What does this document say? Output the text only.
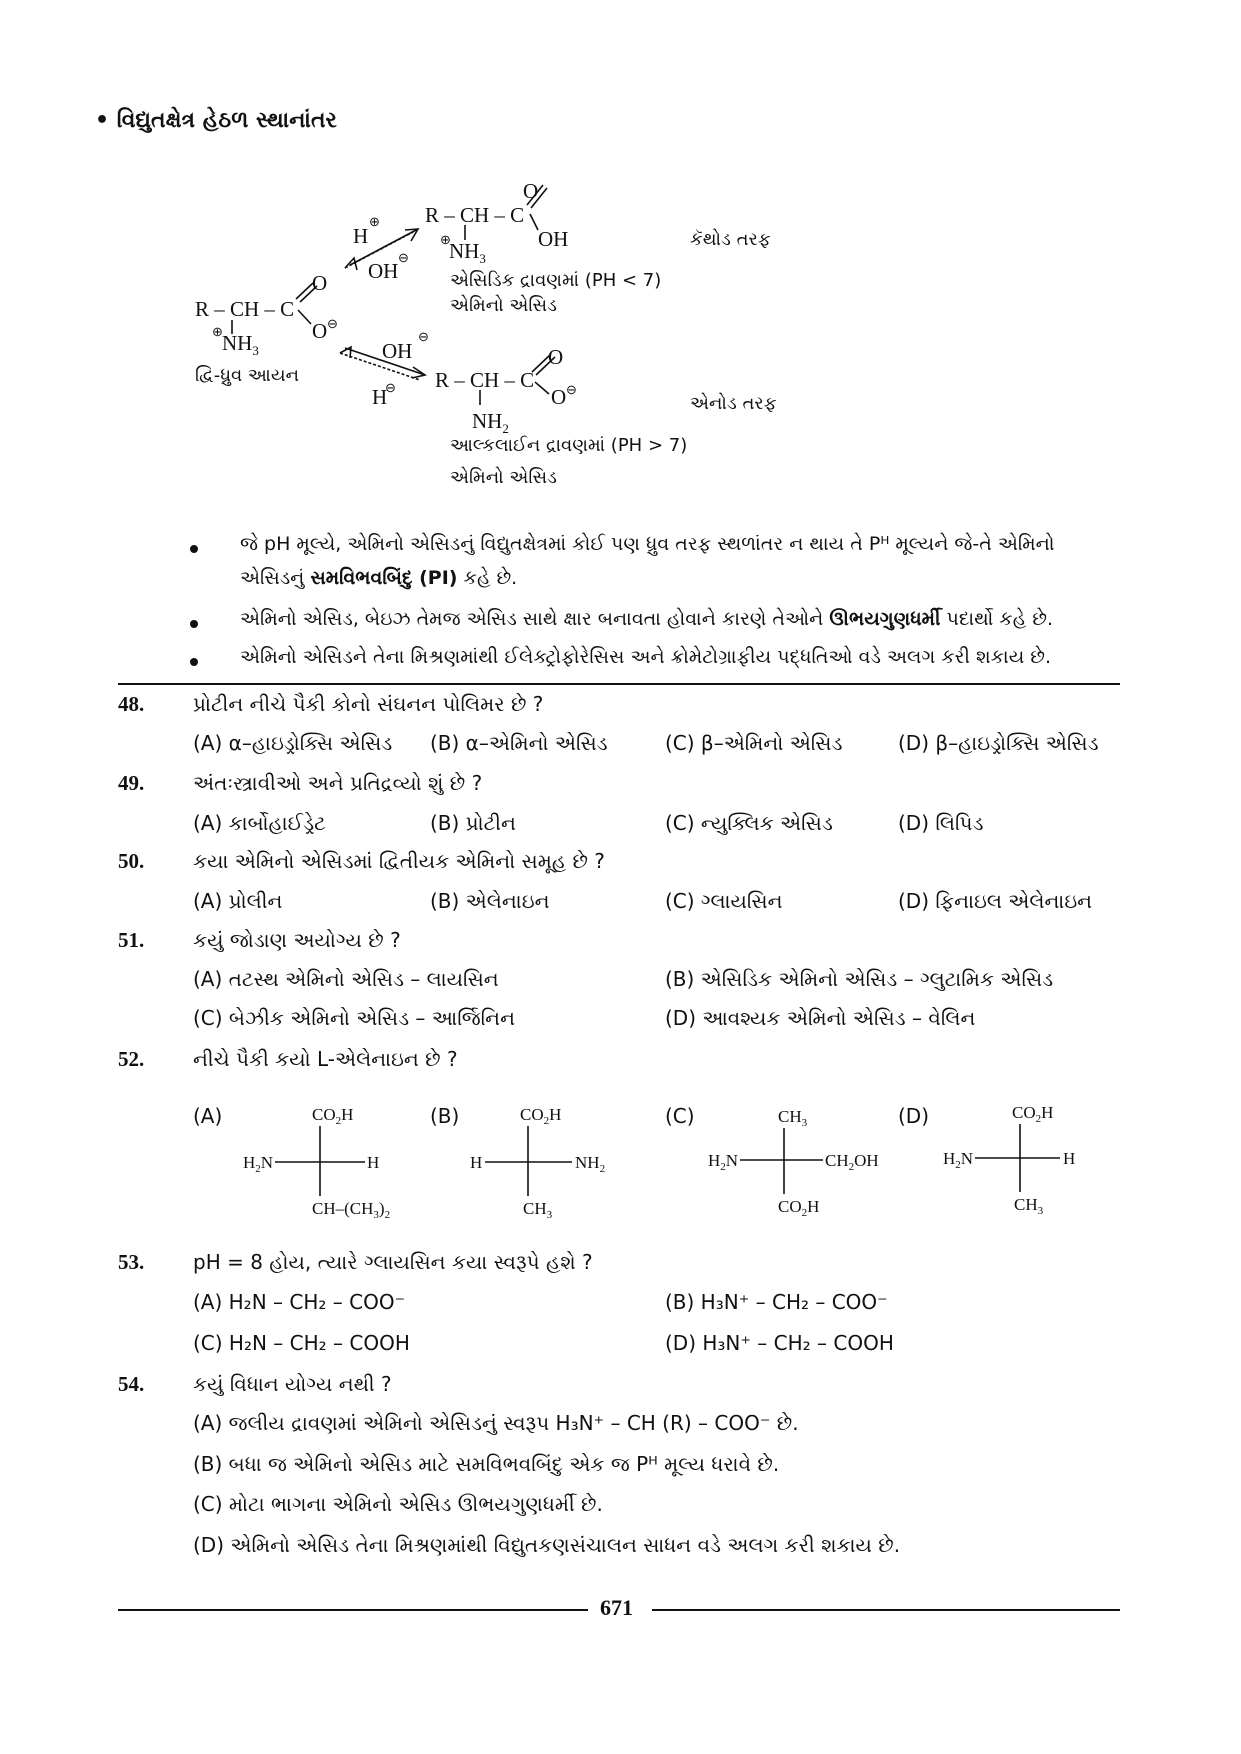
• વિદ્યુતક્ષેત્ર હેઠળ સ્થાનાંતર
R – CH – C
O
OH
$NH_3$
⊕
R – CH – C
O
O ⊖
$NH_3$
⊕
R – CH – C
O
O ⊖
$NH_2$
H
⊕
OH
⊖
OH
⊖
H
⊖
દ્વિ-ધ્રુવ આયન
એસિડિક દ્રાવણમાં (PH < 7)
એમિનો એસિડ
આલ્કલાઈન દ્રાવણમાં (PH > 7)
એમિનો એસિડ
કૅથોડ તરફ
એનોડ તરફ
જે pH મૂલ્યે, એમિનો એસિડનું વિદ્યુતક્ષેત્રમાં કોઈ પણ ધ્રુવ તરફ સ્થળાંતર ન થાય તે Pᴴ મૂલ્યને જે-તે એમિનો
એસિડનું સમવિભવબિંદુ (PI) કહે છે.
એમિનો એસિડ, બેઇઝ તેમજ એસિડ સાથે ક્ષાર બનાવતા હોવાને કારણે તેઓને ઊભયગુણધર્મી પદાર્થો કહે છે.
એમિનો એસિડને તેના મિશ્રણમાંથી ઈલેક્ટ્રોફોરેસિસ અને ક્રોમેટોગ્રાફીય પદ્ધતિઓ વડે અલગ કરી શકાય છે.
48. પ્રોટીન નીચે પૈકી કોનો સંઘનન પોલિમર છે ?
(A) α–હાઇડ્રોક્સિ એસિડ (B) α–એમિનો એસિડ	(C) β–એમિનો એસિડ	(D) β–હાઇડ્રોક્સિ એસિડ
49. અંતઃસ્ત્રાવીઓ અને પ્રતિદ્રવ્યો શું છે ?
(A) કાર્બોહાઈડ્રેટ	(B) પ્રોટીન	(C) ન્યુક્લિક એસિડ	(D) લિપિડ
50. કયા એમિનો એસિડમાં દ્વિતીયક એમિનો સમૂહ છે ?
(A) પ્રોલીન	(B) એલેનાઇન	(C) ગ્લાયસિન	(D) ફિનાઇલ એલેનાઇન
51. કયું જોડાણ અયોગ્ય છે ?
(A) તટસ્થ એમિનો એસિડ – લાયસિન	(B) એસિડિક એમિનો એસિડ – ગ્લુટામિક એસિડ
(C) બેઝીક એમિનો એસિડ – આર્જિનિન	(D) આવશ્યક એમિનો એસિડ – વેલિન
52. નીચે પૈકી કયો L-એલેનાઇન છે ?
(A)	(B)	(C)	(D)
$CO_2H$
$H_2N$	H
$CH-(CH_3)_2$
$CO_2H$
H	$NH_2$
$CH_3$
$CH_3$
$H_2N$	$CH_2OH$
$CO_2H$
$CO_2H$
$H_2N$	H
$CH_3$
53. pH = 8 હોય, ત્યારે ગ્લાયસિન કયા સ્વરૂપે હશે ?
(A) H₂N – CH₂ – COO⁻	(B) H₃N⁺ – CH₂ – COO⁻
(C) H₂N – CH₂ – COOH	(D) H₃N⁺ – CH₂ – COOH
54. કયું વિધાન યોગ્ય નથી ?
(A) જલીય દ્રાવણમાં એમિનો એસિડનું સ્વરૂપ H₃N⁺ – CH (R) – COO⁻ છે.
(B) બધા જ એમિનો એસિડ માટે સમવિભવબિંદુ એક જ Pᴴ મૂલ્ય ધરાવે છે.
(C) મોટા ભાગના એમિનો એસિડ ઊભયગુણધર્મી છે.
(D) એમિનો એસિડ તેના મિશ્રણમાંથી વિદ્યુતકણસંચાલન સાધન વડે અલગ કરી શકાય છે.
671
